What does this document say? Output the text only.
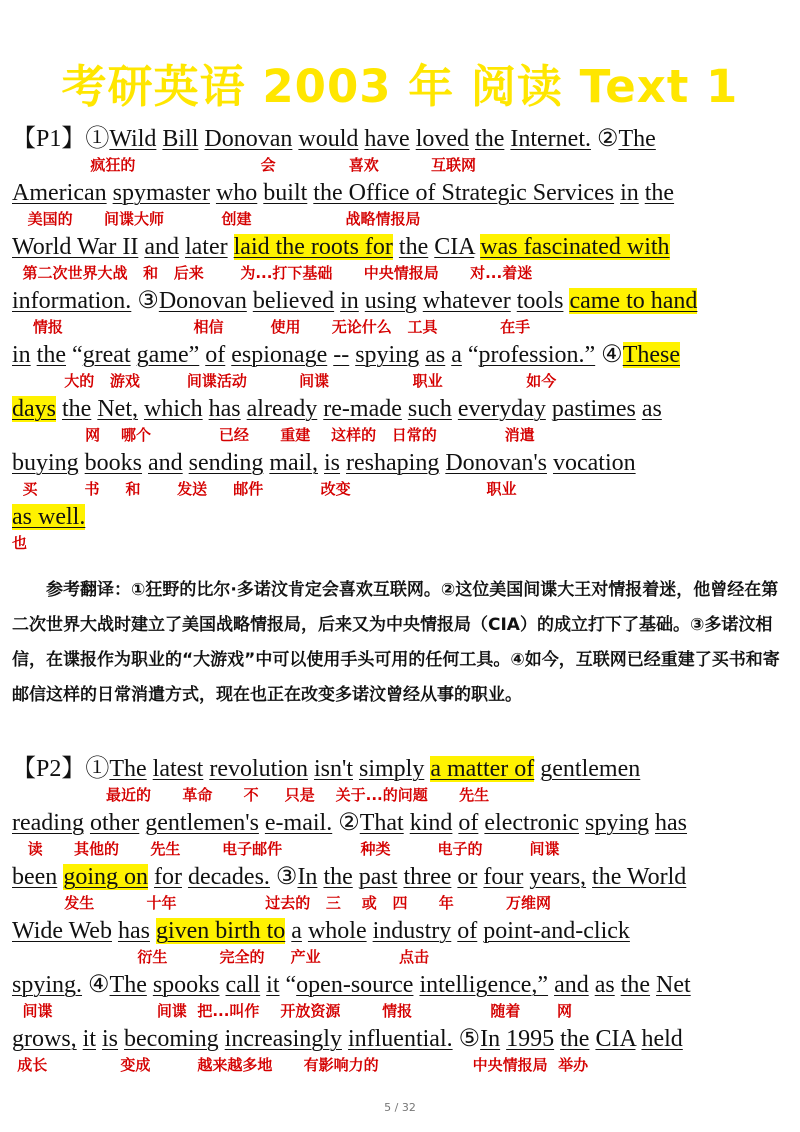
考研英语 2003 年 阅读 Text 1
【P1】①Wild Bill Donovan would have loved the Internet. ②The
疯狂的                        会              喜欢          互联网
American spymaster who built the Office of Strategic Services in the
美国的      间谍大师           创建                  战略情报局
World War II and later laid the roots for the CIA was fascinated with
第二次世界大战   和   后来       为...打下基础      中央情报局      对...着迷
information. ③Donovan believed in using whatever tools came to hand
情报                         相信         使用      无论什么   工具            在手
in the “great game” of espionage -- spying as a “profession.” ④These
大的   游戏         间谍活动          间谍                职业                如今
days the Net, which has already re-made such everyday pastimes as
网    哪个             已经      重建    这样的   日常的             消遣
buying books and sending mail, is reshaping Donovan's vocation
买         书     和       发送     邮件           改变                          职业
as well.
也

参考翻译：①狂野的比尔·多诺汶肯定会喜欢互联网。②这位美国间谍大王对情报着迷，他曾经在第二次世界大战时建立了美国战略情报局，后来又为中央情报局（CIA）的成立打下了基础。③多诺汶相信，在谍报作为职业的“大游戏”中可以使用手头可用的任何工具。④如今，互联网已经重建了买书和寄邮信这样的日常消遣方式，现在也正在改变多诺汶曾经从事的职业。

【P2】①The latest revolution isn't simply a matter of gentlemen
最近的      革命      不     只是    关于...的问题      先生
reading other gentlemen's e-mail. ②That kind of electronic spying has
读      其他的      先生        电子邮件               种类         电子的         间谍
been going on for decades. ③In the past three or four years, the World
发生          十年                 过去的   三    或   四      年          万维网
Wide Web has given birth to a whole industry of point-and-click
衍生          完全的     产业               点击
spying. ④The spooks call it “open-source intelligence,” and as the Net
间谍                    间谍  把...叫作    开放资源        情报               随着       网
grows, it is becoming increasingly influential. ⑤In 1995 the CIA held
成长              变成         越来越多地      有影响力的                  中央情报局  举办
5 / 32
